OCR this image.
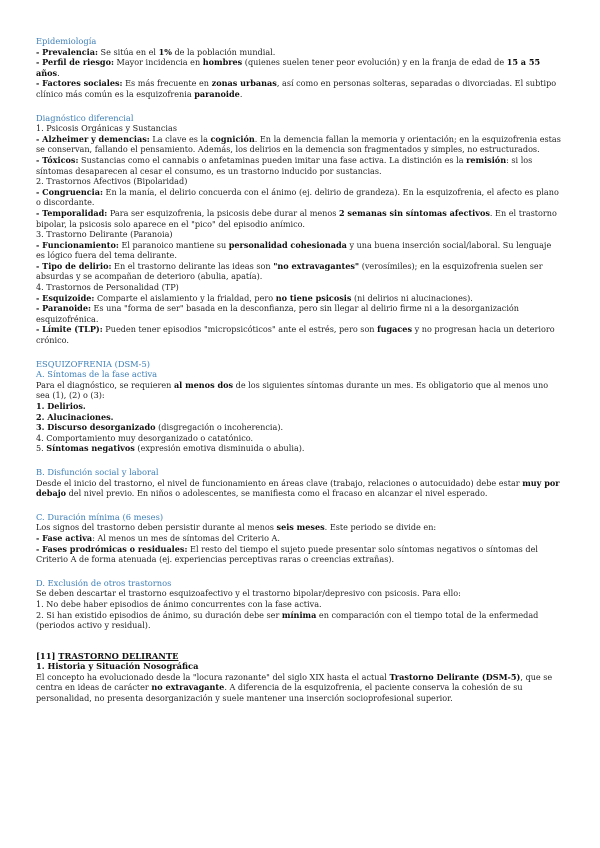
Epidemiología

- Prevalencia: Se sitúa en el 1% de la población mundial.

- Perfil de riesgo: Mayor incidencia en hombres (quienes suelen tener peor evolución) y en la franja de edad de 15 a 55 años.

- Factores sociales: Es más frecuente en zonas urbanas, así como en personas solteras, separadas o divorciadas. El subtipo clínico más común es la esquizofrenia paranoide.

Diagnóstico diferencial

1. Psicosis Orgánicas y Sustancias

- Alzheimer y demencias: La clave es la cognición. En la demencia fallan la memoria y orientación; en la esquizofrenia estas se conservan, fallando el pensamiento. Además, los delirios en la demencia son fragmentados y simples, no estructurados.

- Tóxicos: Sustancias como el cannabis o anfetaminas pueden imitar una fase activa. La distinción es la remisión: si los síntomas desaparecen al cesar el consumo, es un trastorno inducido por sustancias.

2. Trastornos Afectivos (Bipolaridad)

- Congruencia: En la manía, el delirio concuerda con el ánimo (ej. delirio de grandeza). En la esquizofrenia, el afecto es plano o discordante.

- Temporalidad: Para ser esquizofrenia, la psicosis debe durar al menos 2 semanas sin síntomas afectivos. En el trastorno bipolar, la psicosis solo aparece en el "pico" del episodio anímico.

3. Trastorno Delirante (Paranoia)

- Funcionamiento: El paranoico mantiene su personalidad cohesionada y una buena inserción social/laboral. Su lenguaje es lógico fuera del tema delirante.

- Tipo de delirio: En el trastorno delirante las ideas son "no extravagantes" (verosímiles); en la esquizofrenia suelen ser absurdas y se acompañan de deterioro (abulia, apatía).

4. Trastornos de Personalidad (TP)

- Esquizoide: Comparte el aislamiento y la frialdad, pero no tiene psicosis (ni delirios ni alucinaciones).

- Paranoide: Es una "forma de ser" basada en la desconfianza, pero sin llegar al delirio firme ni a la desorganización esquizofrénica.

- Límite (TLP): Pueden tener episodios "micropsicóticos" ante el estrés, pero son fugaces y no progresan hacia un deterioro crónico.

ESQUIZOFRENIA (DSM-5)
A. Síntomas de la fase activa

Para el diagnóstico, se requieren al menos dos de los siguientes síntomas durante un mes. Es obligatorio que al menos uno sea (1), (2) o (3):

1. Delirios.

2. Alucinaciones.

3. Discurso desorganizado (disgregación o incoherencia).

4. Comportamiento muy desorganizado o catatónico.

5. Síntomas negativos (expresión emotiva disminuida o abulia).

B. Disfunción social y laboral

Desde el inicio del trastorno, el nivel de funcionamiento en áreas clave (trabajo, relaciones o autocuidado) debe estar muy por debajo del nivel previo. En niños o adolescentes, se manifiesta como el fracaso en alcanzar el nivel esperado.

C. Duración mínima (6 meses)

Los signos del trastorno deben persistir durante al menos seis meses. Este periodo se divide en:

- Fase activa: Al menos un mes de síntomas del Criterio A.

- Fases prodrómicas o residuales: El resto del tiempo el sujeto puede presentar solo síntomas negativos o síntomas del Criterio A de forma atenuada (ej. experiencias perceptivas raras o creencias extrañas).

D. Exclusión de otros trastornos

Se deben descartar el trastorno esquizoafectivo y el trastorno bipolar/depresivo con psicosis. Para ello:

1. No debe haber episodios de ánimo concurrentes con la fase activa.

2. Si han existido episodios de ánimo, su duración debe ser mínima en comparación con el tiempo total de la enfermedad (periodos activo y residual).

[11] TRASTORNO DELIRANTE
1. Historia y Situación Nosográfica

El concepto ha evolucionado desde la "locura razonante" del siglo XIX hasta el actual Trastorno Delirante (DSM-5), que se centra en ideas de carácter no extravagante. A diferencia de la esquizofrenia, el paciente conserva la cohesión de su personalidad, no presenta desorganización y suele mantener una inserción socioprofesional superior.
